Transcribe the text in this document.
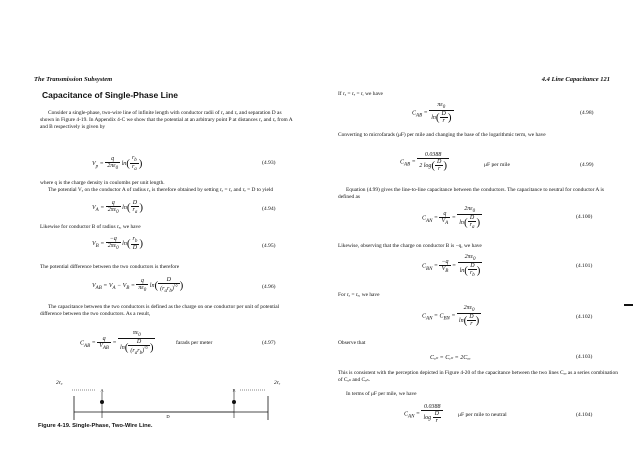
The Transmission Subsystem	4.4 Line Capacitance 121
Capacitance of Single-Phase Line
Consider a single-phase, two-wire line of infinite length with conductor radii of rₐ and rₑ and separation D as shown in Figure 4-19. In Appendix 4-C we show that the potential at an arbitrary point P at distances rₐ and rₑ from A and B respectively is given by
$V_p = \frac{q}{2\pi\varepsilon_0} \ln( \frac{r_b}{r_a}$ )	(4.93)
where q is the charge density in coulombs per unit length.
The potential Vₐ on the conductor A of radius rₐ is therefore obtained by setting rₐ = rₐ and rₑ = D to yield
$V_A = \frac{q}{2\pi\varepsilon_0} \ln( \frac{D}{r_a}$ )	(4.94)
Likewise for conductor B of radius rₑ, we have
$V_B = \frac{-q}{2\pi\varepsilon_0} \ln( \frac{r_b}{D}$ )	(4.95)
The potential difference between the two conductors is therefore
$V_{AB} = V_A - V_B = \frac{q}{\pi\varepsilon_0} \ln( \frac{D}{(r_ar_b)^{\frac{1}{2}}}$ )	(4.96)
The capacitance between the two conductors is defined as the charge on one conductor per unit of potential difference between the two conductors. As a result,
$C_{AB} = \frac{q}{V_{AB}} = \frac{\pi\varepsilon_0}{\ln( \frac{D}{(r_ar_b)^{\frac{1}{2}}} )}$	farads per meter	(4.97)
2rₐ	2rₑ
A	B
D
Figure 4-19. Single-Phase, Two-Wire Line.
If rₐ = rₑ = r, we have
$C_{AB} = \frac{\pi\varepsilon_0}{\ln( \frac{D}{r} )}$	(4.98)
Converting to microfarads (μF) per mile and changing the base of the logarithmic term, we have
$C_{AB} = \frac{0.0388}{2 \log( \frac{D}{r} )}$	μF per mile	(4.99)
Equation (4.99) gives the line-to-line capacitance between the conductors. The capacitance to neutral for conductor A is defined as
$C_{AN} = \frac{q}{V_A} = \frac{2\pi\varepsilon_0}{\ln( \frac{D}{r_a} )}$	(4.100)
Likewise, observing that the charge on conductor B is −q, we have
$C_{BN} = \frac{-q}{V_B} = \frac{2\pi\varepsilon_0}{\ln( \frac{D}{r_b} )}$	(4.101)
For rₐ = rₑ, we have
$C_{AN} = C_{BN} = \frac{2\pi\varepsilon_0}{\ln( \frac{D}{r} )}$	(4.102)
Observe that
Cₐₙ = Cₑₙ = 2Cₐₑ	(4.103)
This is consistent with the perception depicted in Figure 4-20 of the capacitance between the two lines Cₐₑ as a series combination of Cₐₙ and Cₑₙ.
In terms of μF per mile, we have
$C_{AN} = \frac{0.0388}{\log \frac{D}{r}}$	μF per mile to neutral	(4.104)
